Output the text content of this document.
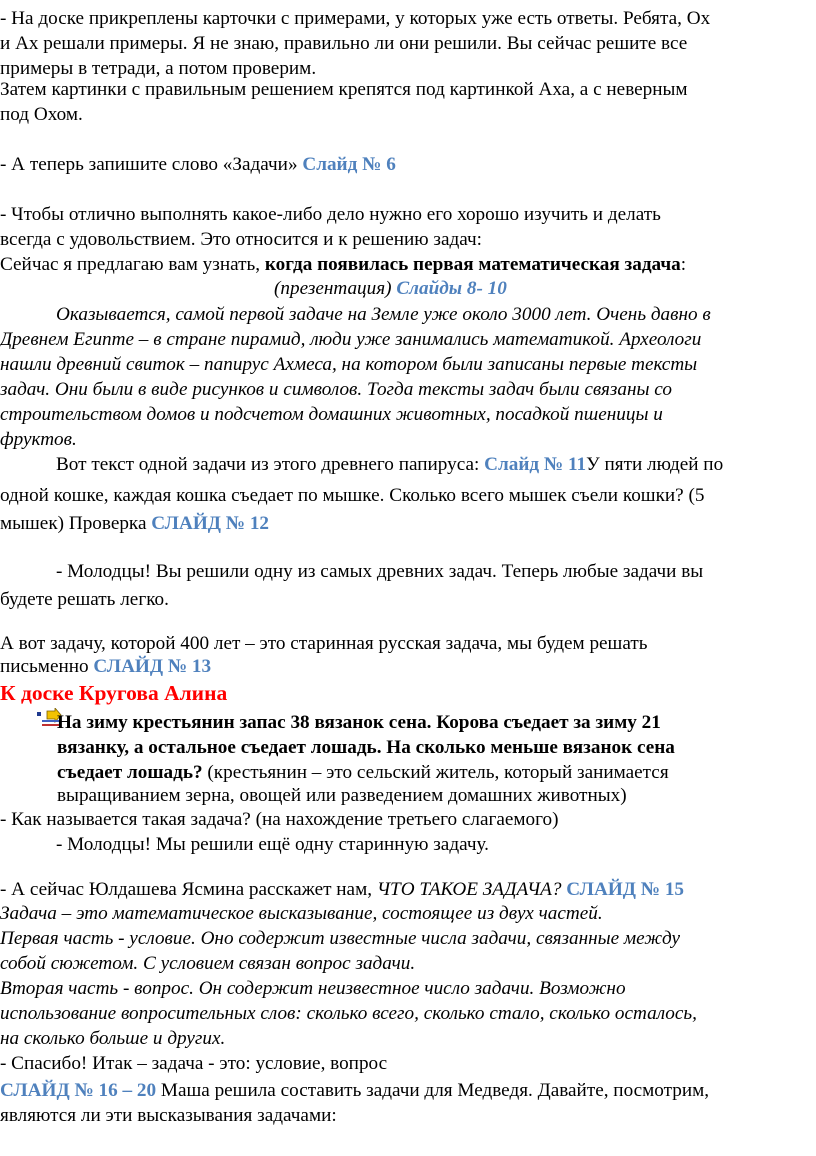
- На доске прикреплены карточки с примерами, у которых уже есть ответы. Ребята, Ох
и Ах решали примеры. Я не знаю, правильно ли они решили. Вы сейчас решите все
примеры в тетради, а потом проверим.
Затем картинки с правильным решением крепятся под картинкой Аха, а с неверным
под Охом.
- А теперь запишите слово «Задачи» Слайд № 6
- Чтобы отлично выполнять какое-либо дело нужно его хорошо изучить и делать
всегда с удовольствием. Это относится и к решению задач:
Сейчас я предлагаю вам узнать, когда появилась первая математическая задача:
(презентация) Слайды 8- 10
Оказывается, самой первой задаче на Земле уже около 3000 лет. Очень давно в
Древнем Египте – в стране пирамид, люди уже занимались математикой. Археологи
нашли древний свиток – папирус Ахмеса, на котором были записаны первые тексты
задач. Они были в виде рисунков и символов. Тогда тексты задач были связаны со
строительством домов и подсчетом домашних животных, посадкой пшеницы и
фруктов.
Вот текст одной задачи из этого древнего папируса: Слайд № 11У пяти людей по
одной кошке, каждая кошка съедает по мышке. Сколько всего мышек съели кошки? (5
мышек) Проверка СЛАЙД № 12
- Молодцы! Вы решили одну из самых древних задач. Теперь любые задачи вы
будете решать легко.
А вот задачу, которой 400 лет – это старинная русская задача, мы будем решать
письменно СЛАЙД № 13
К доске Кругова Алина
На зиму крестьянин запас 38 вязанок сена. Корова съедает за зиму 21
вязанку, а остальное съедает лошадь. На сколько меньше вязанок сена
съедает лошадь? (крестьянин – это сельский житель, который занимается
выращиванием зерна, овощей или разведением домашних животных)
- Как называется такая задача? (на нахождение третьего слагаемого)
- Молодцы! Мы решили ещё одну старинную задачу.
- А сейчас Юлдашева Ясмина расскажет нам, ЧТО ТАКОЕ ЗАДАЧА? СЛАЙД № 15
Задача – это математическое высказывание, состоящее из двух частей.
Первая часть - условие. Оно содержит известные числа задачи, связанные между
собой сюжетом. С условием связан вопрос задачи.
Вторая часть - вопрос. Он содержит неизвестное число задачи. Возможно
использование вопросительных слов: сколько всего, сколько стало, сколько осталось,
на сколько больше и других.
- Спасибо! Итак – задача - это: условие, вопрос
СЛАЙД № 16 – 20 Маша решила составить задачи для Медведя. Давайте, посмотрим,
являются ли эти высказывания задачами:
